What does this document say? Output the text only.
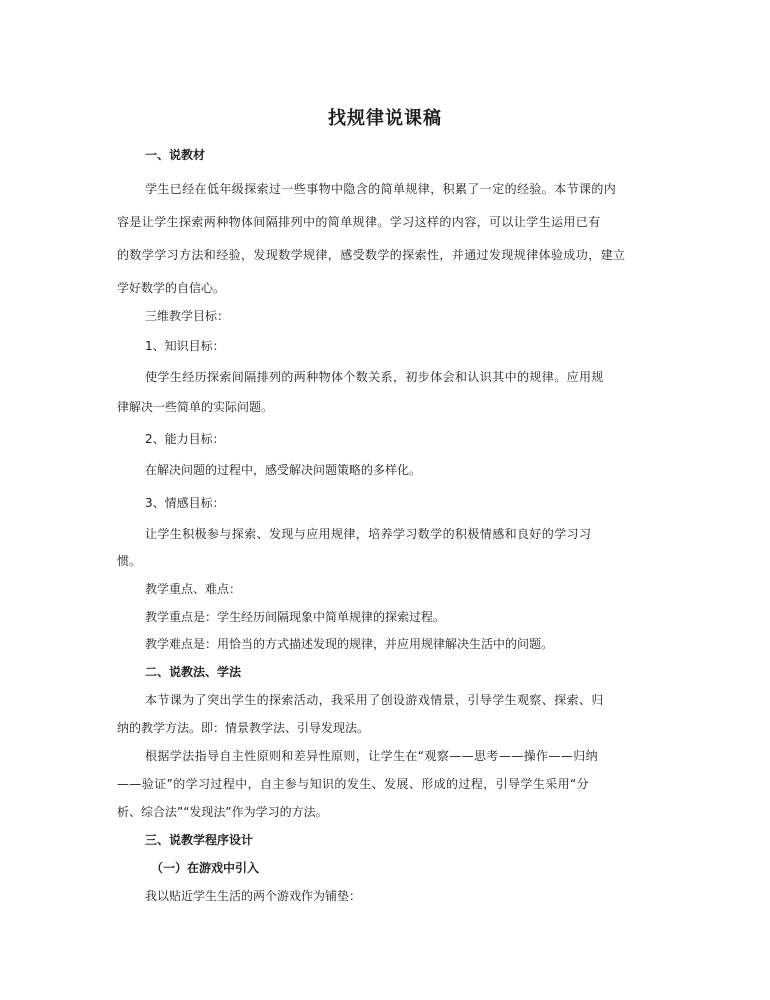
找规律说课稿
一、说教材
学生已经在低年级探索过一些事物中隐含的简单规律，积累了一定的经验。本节课的内
容是让学生探索两种物体间隔排列中的简单规律。学习这样的内容，可以让学生运用已有
的数学学习方法和经验，发现数学规律，感受数学的探索性，并通过发现规律体验成功，建立
学好数学的自信心。
三维教学目标：
1、知识目标：
使学生经历探索间隔排列的两种物体个数关系，初步体会和认识其中的规律。应用规
律解决一些简单的实际问题。
2、能力目标：
在解决问题的过程中，感受解决问题策略的多样化。
3、情感目标：
让学生积极参与探索、发现与应用规律，培养学习数学的积极情感和良好的学习习
惯。
教学重点、难点：
教学重点是：学生经历间隔现象中简单规律的探索过程。
教学难点是：用恰当的方式描述发现的规律，并应用规律解决生活中的问题。
二、说教法、学法
本节课为了突出学生的探索活动，我采用了创设游戏情景，引导学生观察、探索、归
纳的教学方法。即：情景教学法、引导发现法。
根据学法指导自主性原则和差异性原则，让学生在“观察——思考——操作——归纳
——验证”的学习过程中，自主参与知识的发生、发展、形成的过程，引导学生采用“分
析、综合法”“发现法”作为学习的方法。
三、说教学程序设计
（一）在游戏中引入
我以贴近学生生活的两个游戏作为铺垫：
